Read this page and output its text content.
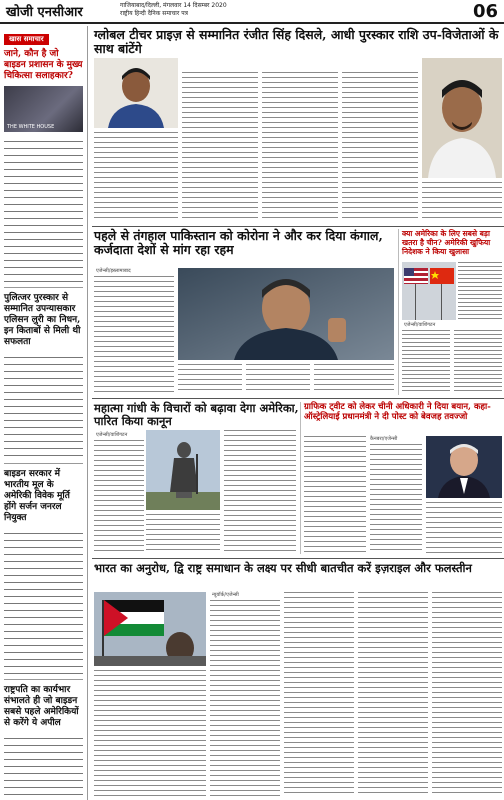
खोजी एनसीआर	गाजियाबाद/दिल्ली, मंगलवार 14 दिसम्बर 2020
राष्ट्रीय हिन्दी दैनिक समाचार पत्र	06
खास समाचार
जाने, कौन है जो बाइडन प्रशासन के मुख्य चिकित्सा सलाहकार?
THE WHITE HOUSE
पुलित्जर पुरस्कार से सम्मानित उपन्यासकार एलिसन लुरी का निधन, इन किताबों से मिली थी सफलता
बाइडन सरकार में भारतीय मूल के अमेरिकी विवेक मूर्ति होंगे सर्जन जनरल नियुक्त
राष्ट्रपति का कार्यभार संभालते ही जो बाइडन सबसे पहले अमेरिकियों से करेंगे ये अपील
ग्लोबल टीचर प्राइज़ से सम्मानित रंजीत सिंह दिसले, आधी पुरस्कार राशि उप-विजेताओं के साथ बांटेंगे
पहले से तंगहाल पाकिस्तान को कोरोना ने और कर दिया कंगाल, कर्जदाता देशों से मांग रहा रहम
एजेन्सी/इस्लामाबाद
क्या अमेरिका के लिए सबसे बड़ा खतरा है चीन? अमेरिकी खुफिया निदेशक ने किया खुलासा
एजेन्सी/वाशिंगटन
महात्मा गांधी के विचारों को बढ़ावा देगा अमेरिका, पारित किया कानून
एजेन्सी/वाशिंगटन
ग्राफिक ट्वीट को लेकर चीनी अधिकारी ने दिया बयान, कहा- ऑस्ट्रेलियाई प्रधानमंत्री ने दी पोस्ट को बेवजह तवज्जो
कैनबरा/एजेन्सी
भारत का अनुरोध, द्वि राष्ट्र समाधान के लक्ष्य पर सीधी बातचीत करें इज़राइल और फलस्तीन
न्यूयॉर्क/एजेन्सी
